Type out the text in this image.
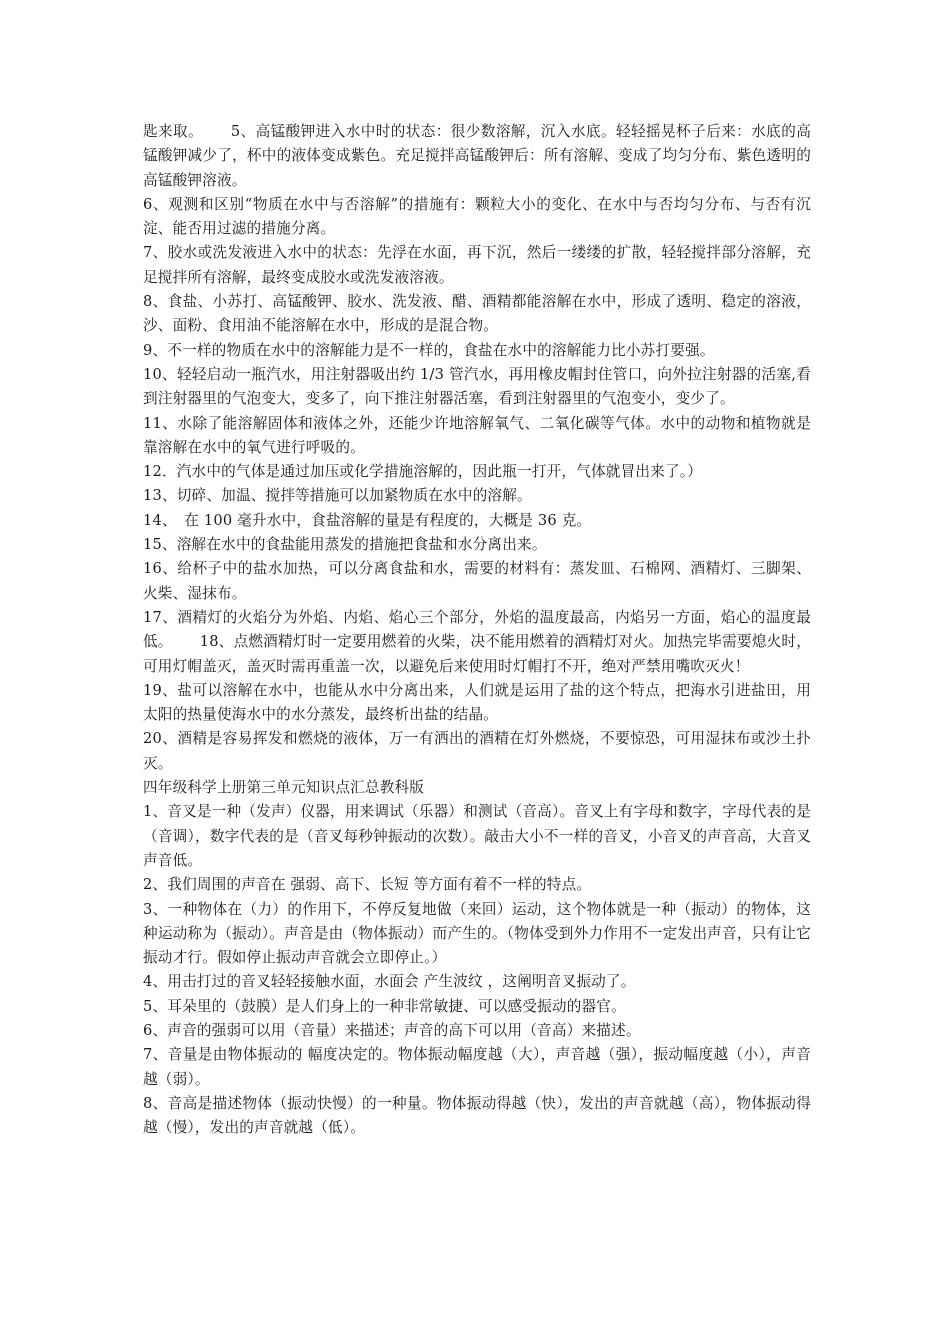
匙来取。　　 5、高锰酸钾进入水中时的状态：很少数溶解，沉入水底。轻轻摇晃杯子后来：水底的高锰酸钾减少了，杯中的液体变成紫色。充足搅拌高锰酸钾后：所有溶解、变成了均匀分布、紫色透明的高锰酸钾溶液。

6、观测和区别“物质在水中与否溶解”的措施有：颗粒大小的变化、在水中与否均匀分布、与否有沉淀、能否用过滤的措施分离。

7、胶水或洗发液进入水中的状态：先浮在水面，再下沉，然后一缕缕的扩散，轻轻搅拌部分溶解，充足搅拌所有溶解，最终变成胶水或洗发液溶液。

8、食盐、小苏打、高锰酸钾、胶水、洗发液、醋、酒精都能溶解在水中，形成了透明、稳定的溶液，沙、面粉、食用油不能溶解在水中，形成的是混合物。

9、不一样的物质在水中的溶解能力是不一样的，食盐在水中的溶解能力比小苏打要强。

10、轻轻启动一瓶汽水，用注射器吸出约 1/3 管汽水，再用橡皮帽封住管口，向外拉注射器的活塞,看到注射器里的气泡变大，变多了，向下推注射器活塞，看到注射器里的气泡变小，变少了。

11、水除了能溶解固体和液体之外，还能少许地溶解氧气、二氧化碳等气体。水中的动物和植物就是靠溶解在水中的氧气进行呼吸的。

12．汽水中的气体是通过加压或化学措施溶解的，因此瓶一打开，气体就冒出来了。）

13、切碎、加温、搅拌等措施可以加紧物质在水中的溶解。

14、　在 100 毫升水中，食盐溶解的量是有程度的，大概是 36 克。

15、溶解在水中的食盐能用蒸发的措施把食盐和水分离出来。

16、给杯子中的盐水加热，可以分离食盐和水，需要的材料有：蒸发皿、石棉网、酒精灯、三脚架、火柴、湿抹布。

17、酒精灯的火焰分为外焰、内焰、焰心三个部分，外焰的温度最高，内焰另一方面，焰心的温度最低。　　 18、点燃酒精灯时一定要用燃着的火柴，决不能用燃着的酒精灯对火。加热完毕需要熄火时，可用灯帽盖灭，盖灭时需再重盖一次，以避免后来使用时灯帽打不开，绝对严禁用嘴吹灭火！

19、盐可以溶解在水中，也能从水中分离出来，人们就是运用了盐的这个特点，把海水引进盐田，用太阳的热量使海水中的水分蒸发，最终析出盐的结晶。

20、酒精是容易挥发和燃烧的液体，万一有洒出的酒精在灯外燃烧，不要惊恐，可用湿抹布或沙土扑灭。

四年级科学上册第三单元知识点汇总教科版

1、音叉是一种（发声）仪器，用来调试（乐器）和测试（音高）。音叉上有字母和数字，字母代表的是（音调），数字代表的是（音叉每秒钟振动的次数）。敲击大小不一样的音叉，小音叉的声音高，大音叉声音低。

2、我们周围的声音在 强弱、高下、长短 等方面有着不一样的特点。

3、一种物体在（力）的作用下，不停反复地做（来回）运动，这个物体就是一种（振动）的物体，这种运动称为（振动）。声音是由（物体振动）而产生的。（物体受到外力作用不一定发出声音，只有让它振动才行。假如停止振动声音就会立即停止。）

4、用击打过的音叉轻轻接触水面，水面会 产生波纹 ，这阐明音叉振动了。

5、耳朵里的（鼓膜）是人们身上的一种非常敏捷、可以感受振动的器官。

6、声音的强弱可以用（音量）来描述；声音的高下可以用（音高）来描述。

7、音量是由物体振动的 幅度决定的。物体振动幅度越（大），声音越（强），振动幅度越（小），声音越（弱）。

8、音高是描述物体（振动快慢）的一种量。物体振动得越（快），发出的声音就越（高），物体振动得越（慢），发出的声音就越（低）。
